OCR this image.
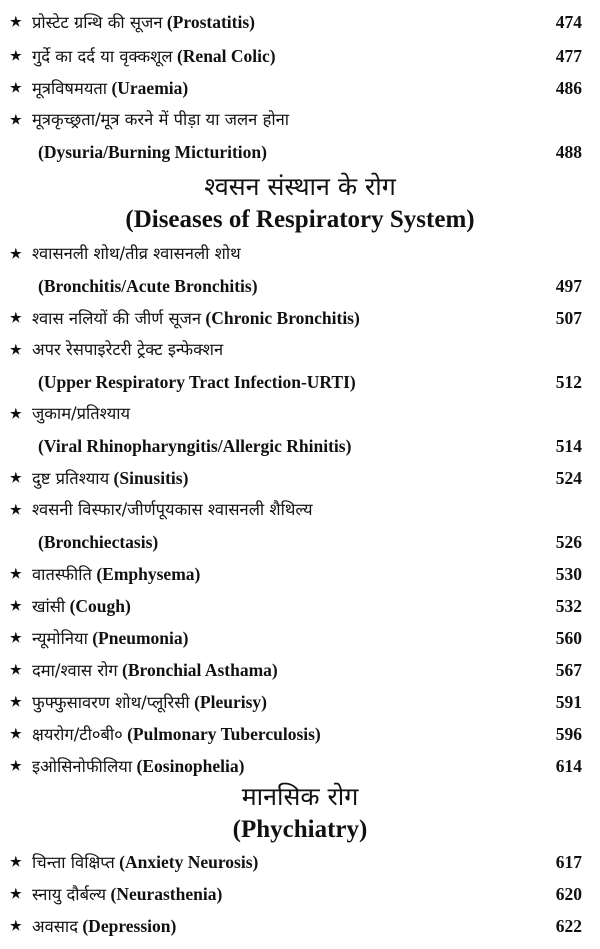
★ प्रोस्टेट ग्रन्थि की सूजन (Prostatitis)	474
★ गुर्दे का दर्द या वृक्कशूल (Renal Colic)	477
★ मूत्रविषमयता (Uraemia)	486
★ मूत्रकृच्छ्रता/मूत्र करने में पीड़ा या जलन होना
(Dysuria/Burning Micturition)	488
श्वसन संस्थान के रोग
(Diseases of Respiratory System)
★ श्वासनली शोथ/तीव्र श्वासनली शोथ
(Bronchitis/Acute Bronchitis)	497
★ श्वास नलियों की जीर्ण सूजन (Chronic Bronchitis)	507
★ अपर रेसपाइरेटरी ट्रेक्ट इन्फेक्शन
(Upper Respiratory Tract Infection-URTI)	512
★ जुकाम/प्रतिश्याय
(Viral Rhinopharyngitis/Allergic Rhinitis)	514
★ दुष्ट प्रतिश्याय (Sinusitis)	524
★ श्वसनी विस्फार/जीर्णपूयकास श्वासनली शैथिल्य
(Bronchiectasis)	526
★ वातस्फीति (Emphysema)	530
★ खांसी (Cough)	532
★ न्यूमोनिया (Pneumonia)	560
★ दमा/श्वास रोग (Bronchial Asthama)	567
★ फुफ्फुसावरण शोथ/प्लूरिसी (Pleurisy)	591
★ क्षयरोग/टी०बी० (Pulmonary Tuberculosis)	596
★ इओसिनोफीलिया (Eosinophelia)	614
मानसिक रोग
(Phychiatry)
★ चिन्ता विक्षिप्त (Anxiety Neurosis)	617
★ स्नायु दौर्बल्य (Neurasthenia)	620
★ अवसाद (Depression)	622
